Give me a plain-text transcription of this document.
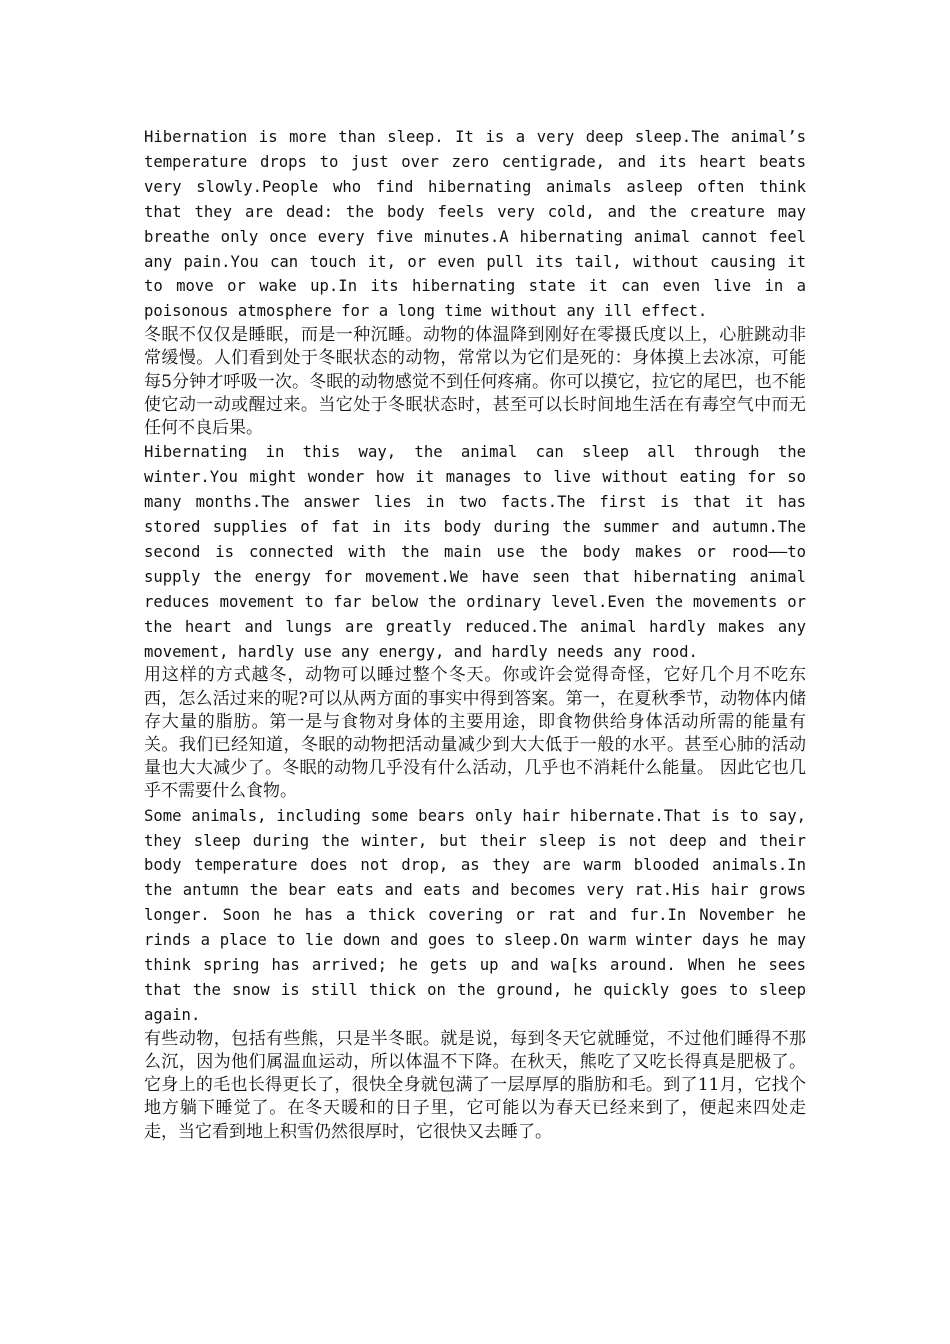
Hibernation is more than sleep. It is a very deep sleep.The animal’s temperature drops to just over zero centigrade, and its heart beats very slowly.People who find hibernating animals asleep often think that they are dead: the body feels very cold, and the creature may breathe only once every five minutes.A hibernating animal cannot feel any pain.You can touch it, or even pull its tail, without causing it to move or wake up.In its hibernating state it can even live in a poisonous atmosphere for a long time without any ill effect.

冬眠不仅仅是睡眠，而是一种沉睡。动物的体温降到刚好在零摄氏度以上，心脏跳动非常缓慢。人们看到处于冬眠状态的动物，常常以为它们是死的：身体摸上去冰凉，可能每5分钟才呼吸一次。冬眠的动物感觉不到任何疼痛。你可以摸它，拉它的尾巴，也不能使它动一动或醒过来。当它处于冬眠状态时，甚至可以长时间地生活在有毒空气中而无任何不良后果。

Hibernating in this way, the animal can sleep all through the winter.You might wonder how it manages to live without eating for so many months.The answer lies in two facts.The first is that it has stored supplies of fat in its body during the summer and autumn.The second is connected with the main use the body makes or rood——to supply the energy for movement.We have seen that hibernating animal reduces movement to far below the ordinary level.Even the movements or the heart and lungs are greatly reduced.The animal hardly makes any movement, hardly use any energy, and hardly needs any rood.

用这样的方式越冬，动物可以睡过整个冬天。你或许会觉得奇怪，它好几个月不吃东西，怎么活过来的呢?可以从两方面的事实中得到答案。第一，在夏秋季节，动物体内储存大量的脂肪。第一是与食物对身体的主要用途，即食物供给身体活动所需的能量有关。我们已经知道，冬眠的动物把活动量减少到大大低于一般的水平。甚至心肺的活动量也大大减少了。冬眠的动物几乎没有什么活动，几乎也不消耗什么能量。 因此它也几乎不需要什么食物。

Some animals, including some bears only hair hibernate.That is to say, they sleep during the winter, but their sleep is not deep and their body temperature does not drop, as they are warm blooded animals.In the antumn the bear eats and eats and becomes very rat.His hair grows longer. Soon he has a thick covering or rat and fur.In November he rinds a place to lie down and goes to sleep.On warm winter days he may think spring has arrived; he gets up and wa[ks around. When he sees that the snow is still thick on the ground, he quickly goes to sleep again.

有些动物，包括有些熊，只是半冬眠。就是说，每到冬天它就睡觉，不过他们睡得不那么沉，因为他们属温血运动，所以体温不下降。在秋天，熊吃了又吃长得真是肥极了。它身上的毛也长得更长了，很快全身就包满了一层厚厚的脂肪和毛。到了11月，它找个地方躺下睡觉了。在冬天暖和的日子里，它可能以为春天已经来到了，便起来四处走走，当它看到地上积雪仍然很厚时，它很快又去睡了。
